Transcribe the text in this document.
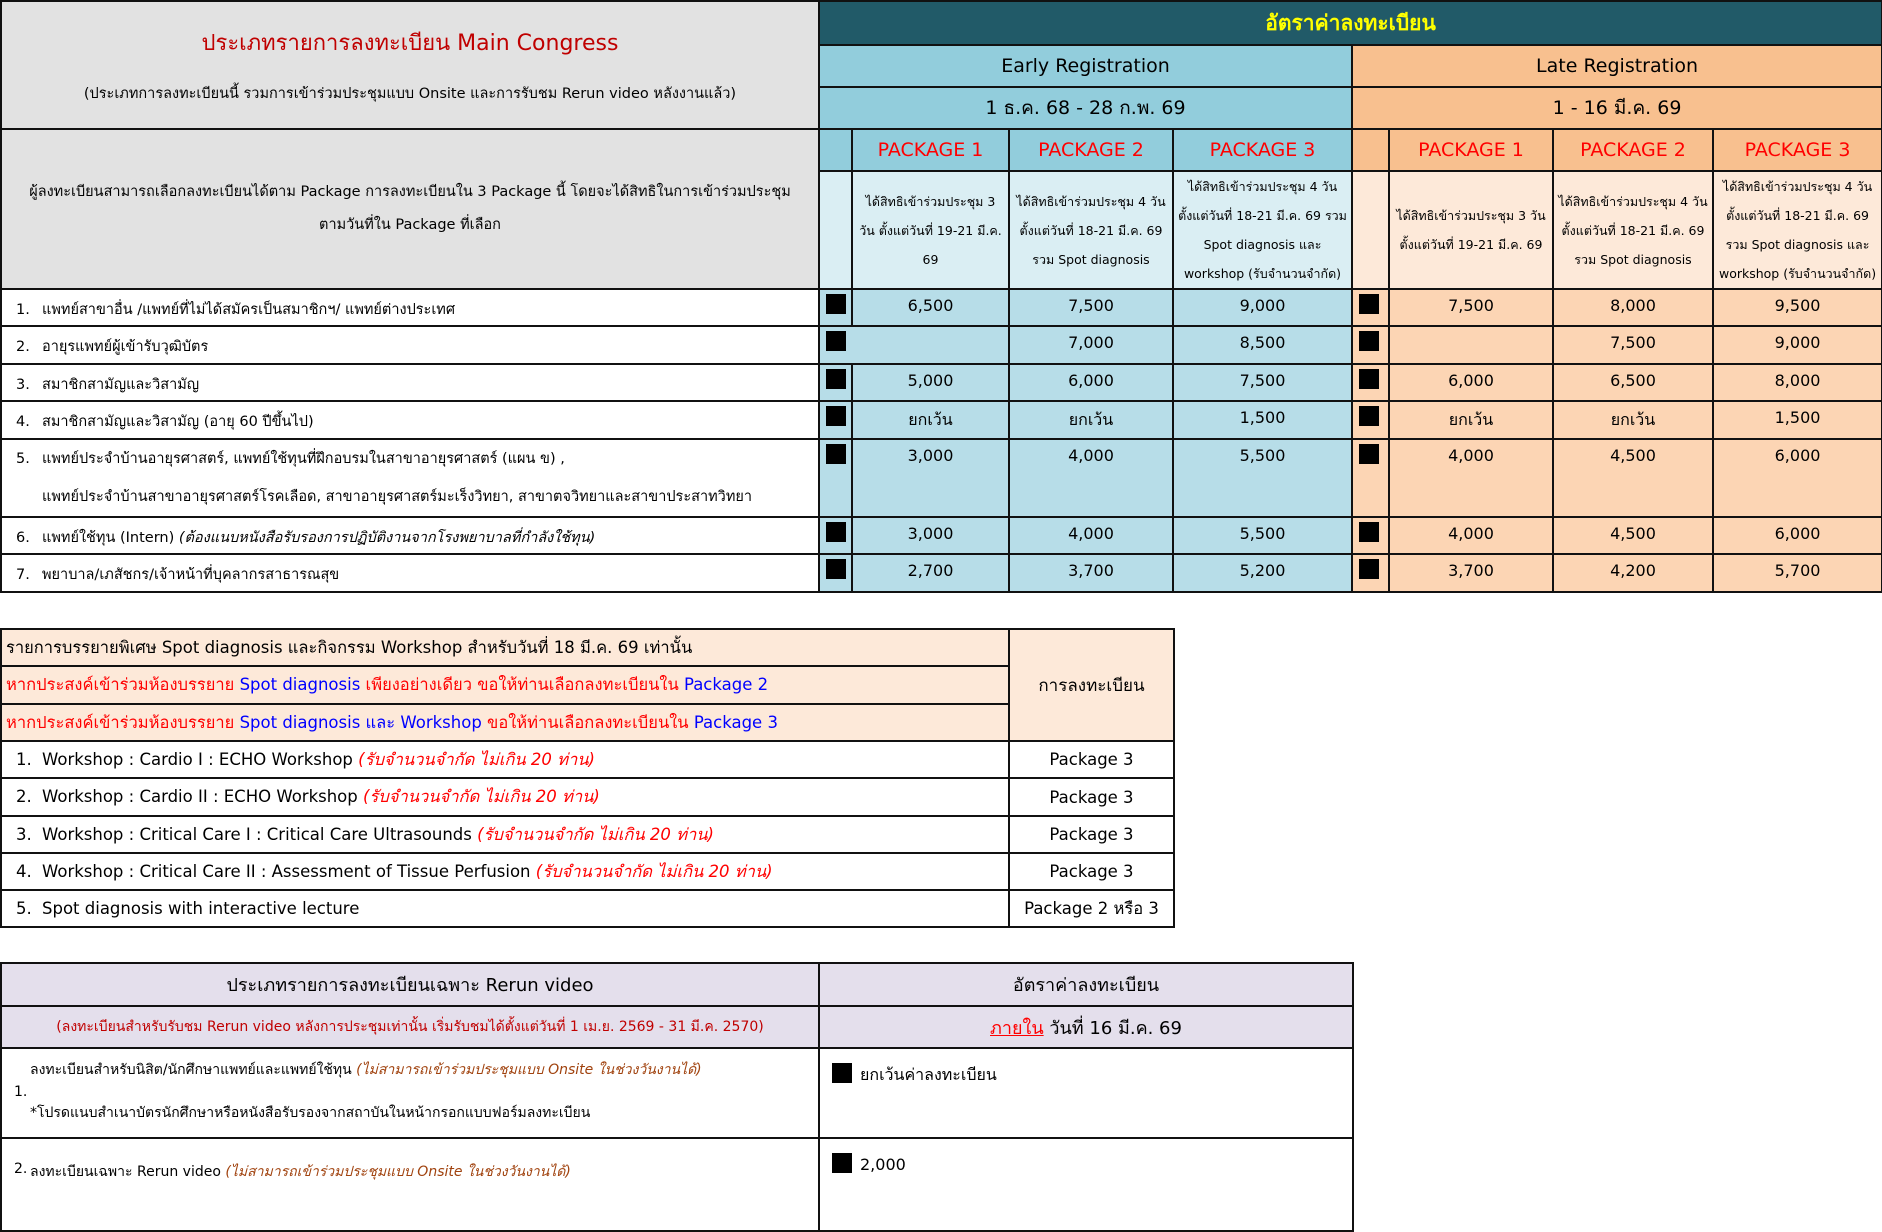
ประเภทรายการลงทะเบียน Main Congress
(ประเภทการลงทะเบียนนี้ รวมการเข้าร่วมประชุมแบบ Onsite และการรับชม Rerun video หลังงานแล้ว)	อัตราค่าลงทะเบียน							
	Early Registration				Late Registration			
	1 ธ.ค. 68 - 28 ก.พ. 69				1 - 16 มี.ค. 69			

ผู้ลงทะเบียนสามารถเลือกลงทะเบียนได้ตาม Package การลงทะเบียนใน 3 Package นี้ โดยจะได้สิทธิในการเข้าร่วมประชุม
ตามวันที่ใน Package ที่เลือก		PACKAGE 1	PACKAGE 2	PACKAGE 3		PACKAGE 1	PACKAGE 2	PACKAGE 3
		ได้สิทธิเข้าร่วมประชุม 3 วัน ตั้งแต่วันที่ 19-21 มี.ค. 69	ได้สิทธิเข้าร่วมประชุม 4 วัน ตั้งแต่วันที่ 18-21 มี.ค. 69 รวม Spot diagnosis	ได้สิทธิเข้าร่วมประชุม 4 วัน ตั้งแต่วันที่ 18-21 มี.ค. 69 รวม Spot diagnosis และ workshop (รับจำนวนจำกัด)		ได้สิทธิเข้าร่วมประชุม 3 วัน ตั้งแต่วันที่ 19-21 มี.ค. 69	ได้สิทธิเข้าร่วมประชุม 4 วัน ตั้งแต่วันที่ 18-21 มี.ค. 69 รวม Spot diagnosis	ได้สิทธิเข้าร่วมประชุม 4 วัน ตั้งแต่วันที่ 18-21 มี.ค. 69 รวม Spot diagnosis และ workshop (รับจำนวนจำกัด)
1. แพทย์สาขาอื่น /แพทย์ที่ไม่ได้สมัครเป็นสมาชิกฯ/ แพทย์ต่างประเทศ		6,500	7,500	9,000		7,500	8,000	9,500
2. อายุรแพทย์ผู้เข้ารับวุฒิบัตร			7,000	8,500			7,500	9,000
3. สมาชิกสามัญและวิสามัญ		5,000	6,000	7,500		6,000	6,500	8,000
4. สมาชิกสามัญและวิสามัญ (อายุ 60 ปีขึ้นไป)		ยกเว้น	ยกเว้น	1,500		ยกเว้น	ยกเว้น	1,500

5. แพทย์ประจำบ้านอายุรศาสตร์, แพทย์ใช้ทุนที่ฝึกอบรมในสาขาอายุรศาสตร์ (แผน ข) ,
แพทย์ประจำบ้านสาขาอายุรศาสตร์โรคเลือด, สาขาอายุรศาสตร์มะเร็งวิทยา, สาขาตจวิทยาและสาขาประสาทวิทยา		3,000	4,000	5,500		4,000	4,500	6,000
6. แพทย์ใช้ทุน (Intern) (ต้องแนบหนังสือรับรองการปฏิบัติงานจากโรงพยาบาลที่กำลังใช้ทุน)		3,000	4,000	5,500		4,000	4,500	6,000
7. พยาบาล/เภสัชกร/เจ้าหน้าที่บุคลากรสาธารณสุข		2,700	3,700	5,200		3,700	4,200	5,700
รายการบรรยายพิเศษ Spot diagnosis และกิจกรรม Workshop สำหรับวันที่ 18 มี.ค. 69 เท่านั้น	การลงทะเบียน
หากประสงค์เข้าร่วมห้องบรรยาย Spot diagnosis เพียงอย่างเดียว ขอให้ท่านเลือกลงทะเบียนใน Package 2	
หากประสงค์เข้าร่วมห้องบรรยาย Spot diagnosis และ Workshop ขอให้ท่านเลือกลงทะเบียนใน Package 3	
1. Workshop : Cardio I : ECHO Workshop (รับจำนวนจำกัด ไม่เกิน 20 ท่าน)	Package 3
2. Workshop : Cardio II : ECHO Workshop (รับจำนวนจำกัด ไม่เกิน 20 ท่าน)	Package 3
3. Workshop : Critical Care I : Critical Care Ultrasounds (รับจำนวนจำกัด ไม่เกิน 20 ท่าน)	Package 3
4. Workshop : Critical Care II : Assessment of Tissue Perfusion (รับจำนวนจำกัด ไม่เกิน 20 ท่าน)	Package 3
5. Spot diagnosis with interactive lecture	Package 2 หรือ 3
ประเภทรายการลงทะเบียนเฉพาะ Rerun video	อัตราค่าลงทะเบียน
(ลงทะเบียนสำหรับรับชม Rerun video หลังการประชุมเท่านั้น เริ่มรับชมได้ตั้งแต่วันที่ 1 เม.ย. 2569 - 31 มี.ค. 2570)	ภายใน วันที่ 16 มี.ค. 69

1.
ลงทะเบียนสำหรับนิสิต/นักศึกษาแพทย์และแพทย์ใช้ทุน (ไม่สามารถเข้าร่วมประชุมแบบ Onsite ในช่วงวันงานได้)
*โปรดแนบสำเนาบัตรนักศึกษาหรือหนังสือรับรองจากสถาบันในหน้ากรอกแบบฟอร์มลงทะเบียน	ยกเว้นค่าลงทะเบียน

2. ลงทะเบียนเฉพาะ Rerun video (ไม่สามารถเข้าร่วมประชุมแบบ Onsite ในช่วงวันงานได้)	2,000
